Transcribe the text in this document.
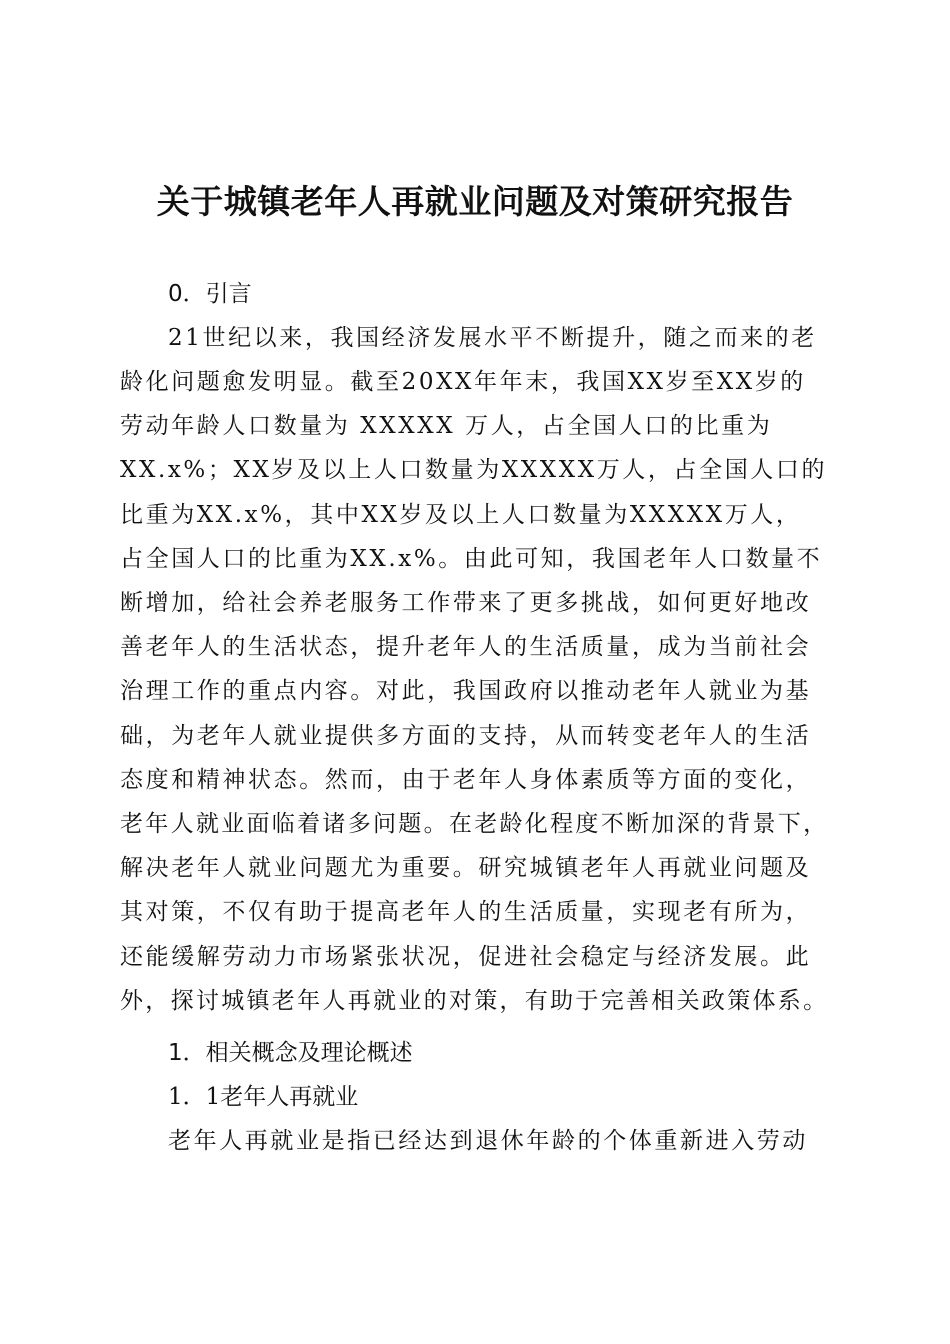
关于城镇老年人再就业问题及对策研究报告
0．引言
21世纪以来，我国经济发展水平不断提升，随之而来的老
龄化问题愈发明显。截至20XX年年末，我国XX岁至XX岁的
劳动年龄人口数量为 XXXXX 万人，占全国人口的比重为
XX.x%；XX岁及以上人口数量为XXXXX万人，占全国人口的
比重为XX.x%，其中XX岁及以上人口数量为XXXXX万人，
占全国人口的比重为XX.x%。由此可知，我国老年人口数量不
断增加，给社会养老服务工作带来了更多挑战，如何更好地改
善老年人的生活状态，提升老年人的生活质量，成为当前社会
治理工作的重点内容。对此，我国政府以推动老年人就业为基
础，为老年人就业提供多方面的支持，从而转变老年人的生活
态度和精神状态。然而，由于老年人身体素质等方面的变化，
老年人就业面临着诸多问题。在老龄化程度不断加深的背景下，
解决老年人就业问题尤为重要。研究城镇老年人再就业问题及
其对策，不仅有助于提高老年人的生活质量，实现老有所为，
还能缓解劳动力市场紧张状况，促进社会稳定与经济发展。此
外，探讨城镇老年人再就业的对策，有助于完善相关政策体系。
1．相关概念及理论概述
1．1老年人再就业
老年人再就业是指已经达到退休年龄的个体重新进入劳动
